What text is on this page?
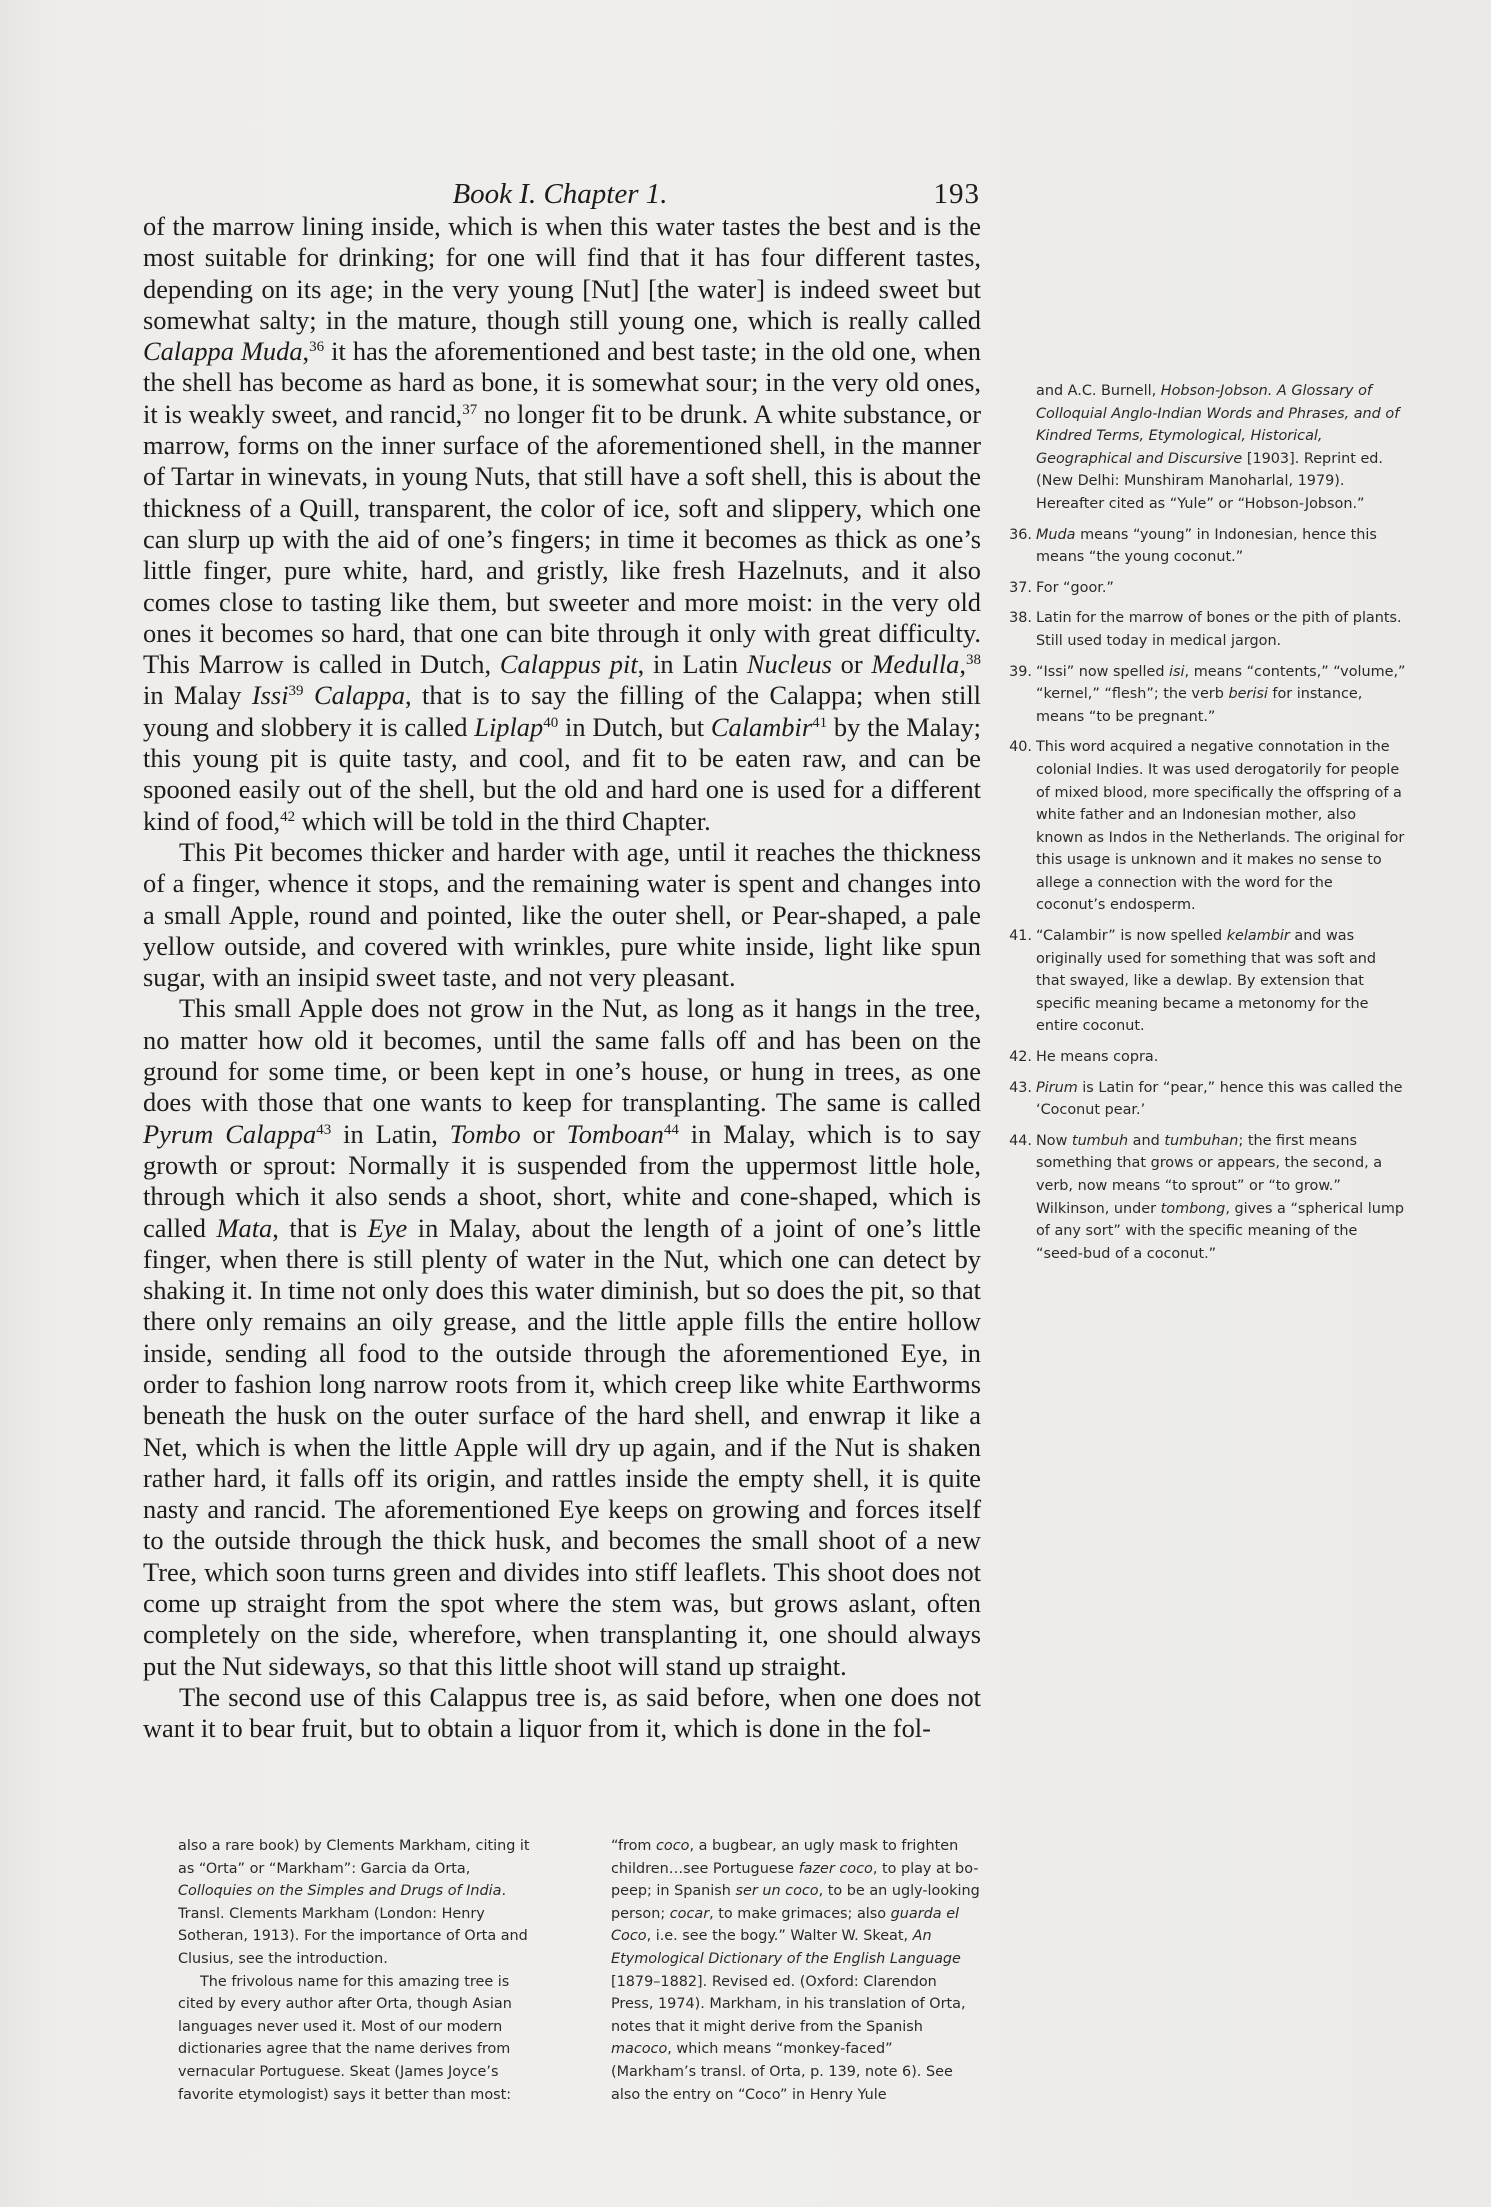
Book I. Chapter 1.	193

of the marrow lining inside, which is when this water tastes the best and is the most suitable for drinking; for one will find that it has four different tastes, depending on its age; in the very young [Nut] [the water] is indeed sweet but somewhat salty; in the mature, though still young one, which is really called Calappa Muda,$^{36}$ it has the aforementioned and best taste; in the old one, when the shell has become as hard as bone, it is somewhat sour; in the very old ones, it is weakly sweet, and rancid,$^{37}$ no longer fit to be drunk. A white substance, or marrow, forms on the inner surface of the aforementioned shell, in the manner of Tartar in winevats, in young Nuts, that still have a soft shell, this is about the thickness of a Quill, transparent, the color of ice, soft and slippery, which one can slurp up with the aid of one’s fingers; in time it becomes as thick as one’s little finger, pure white, hard, and gristly, like fresh Hazelnuts, and it also comes close to tasting like them, but sweeter and more moist: in the very old ones it becomes so hard, that one can bite through it only with great difficulty. This Marrow is called in Dutch, Calappus pit, in Latin Nucleus or Medulla,$^{38}$ in Malay Issi$^{39}$ Calappa, that is to say the filling of the Calappa; when still young and slobbery it is called Liplap$^{40}$ in Dutch, but Calambir$^{41}$ by the Malay; this young pit is quite tasty, and cool, and fit to be eaten raw, and can be spooned easily out of the shell, but the old and hard one is used for a different kind of food,$^{42}$ which will be told in the third Chapter.

This Pit becomes thicker and harder with age, until it reaches the thickness of a finger, whence it stops, and the remaining water is spent and changes into a small Apple, round and pointed, like the outer shell, or Pear-shaped, a pale yellow outside, and covered with wrinkles, pure white inside, light like spun sugar, with an insipid sweet taste, and not very pleasant.

This small Apple does not grow in the Nut, as long as it hangs in the tree, no matter how old it becomes, until the same falls off and has been on the ground for some time, or been kept in one’s house, or hung in trees, as one does with those that one wants to keep for transplanting. The same is called Pyrum Calappa$^{43}$ in Latin, Tombo or Tomboan$^{44}$ in Malay, which is to say growth or sprout: Normally it is suspended from the uppermost little hole, through which it also sends a shoot, short, white and cone-shaped, which is called Mata, that is Eye in Malay, about the length of a joint of one’s little finger, when there is still plenty of water in the Nut, which one can detect by shaking it. In time not only does this water diminish, but so does the pit, so that there only remains an oily grease, and the little apple fills the entire hollow inside, sending all food to the outside through the aforementioned Eye, in order to fashion long narrow roots from it, which creep like white Earthworms beneath the husk on the outer surface of the hard shell, and enwrap it like a Net, which is when the little Apple will dry up again, and if the Nut is shaken rather hard, it falls off its origin, and rattles inside the empty shell, it is quite nasty and rancid. The aforementioned Eye keeps on growing and forces itself to the outside through the thick husk, and becomes the small shoot of a new Tree, which soon turns green and divides into stiff leaflets. This shoot does not come up straight from the spot where the stem was, but grows aslant, often completely on the side, wherefore, when transplanting it, one should always put the Nut sideways, so that this little shoot will stand up straight.

The second use of this Calappus tree is, as said before, when one does not want it to bear fruit, but to obtain a liquor from it, which is done in the fol-

and A.C. Burnell, Hobson-Jobson. A Glossary of Colloquial Anglo-Indian Words and Phrases, and of Kindred Terms, Etymological, Historical, Geographical and Discursive [1903]. Reprint ed. (New Delhi: Munshiram Manoharlal, 1979). Hereafter cited as “Yule” or “Hobson-Jobson.”
36. Muda means “young” in Indonesian, hence this means “the young coconut.”
37. For “goor.”
38. Latin for the marrow of bones or the pith of plants. Still used today in medical jargon.
39. “Issi” now spelled isi, means “contents,” “volume,” “kernel,” “flesh”; the verb berisi for instance, means “to be pregnant.”
40. This word acquired a negative connotation in the colonial Indies. It was used derogatorily for people of mixed blood, more specifically the offspring of a white father and an Indonesian mother, also known as Indos in the Netherlands. The original for this usage is unknown and it makes no sense to allege a connection with the word for the coconut’s endosperm.
41. “Calambir” is now spelled kelambir and was originally used for something that was soft and that swayed, like a dewlap. By extension that specific meaning became a metonomy for the entire coconut.
42. He means copra.
43. Pirum is Latin for “pear,” hence this was called the ‘Coconut pear.’
44. Now tumbuh and tumbuhan; the first means something that grows or appears, the second, a verb, now means “to sprout” or “to grow.” Wilkinson, under tombong, gives a “spherical lump of any sort” with the specific meaning of the “seed-bud of a coconut.”

also a rare book) by Clements Markham, citing it as “Orta” or “Markham”: Garcia da Orta, Colloquies on the Simples and Drugs of India. Transl. Clements Markham (London: Henry Sotheran, 1913). For the importance of Orta and Clusius, see the introduction.

The frivolous name for this amazing tree is cited by every author after Orta, though Asian languages never used it. Most of our modern dictionaries agree that the name derives from vernacular Portuguese. Skeat (James Joyce’s favorite etymologist) says it better than most:

“from coco, a bugbear, an ugly mask to frighten children…see Portuguese fazer coco, to play at bo-peep; in Spanish ser un coco, to be an ugly-looking person; cocar, to make grimaces; also guarda el Coco, i.e. see the bogy.” Walter W. Skeat, An Etymological Dictionary of the English Language [1879–1882]. Revised ed. (Oxford: Clarendon Press, 1974). Markham, in his translation of Orta, notes that it might derive from the Spanish macoco, which means “monkey-faced” (Markham’s transl. of Orta, p. 139, note 6). See also the entry on “Coco” in Henry Yule
